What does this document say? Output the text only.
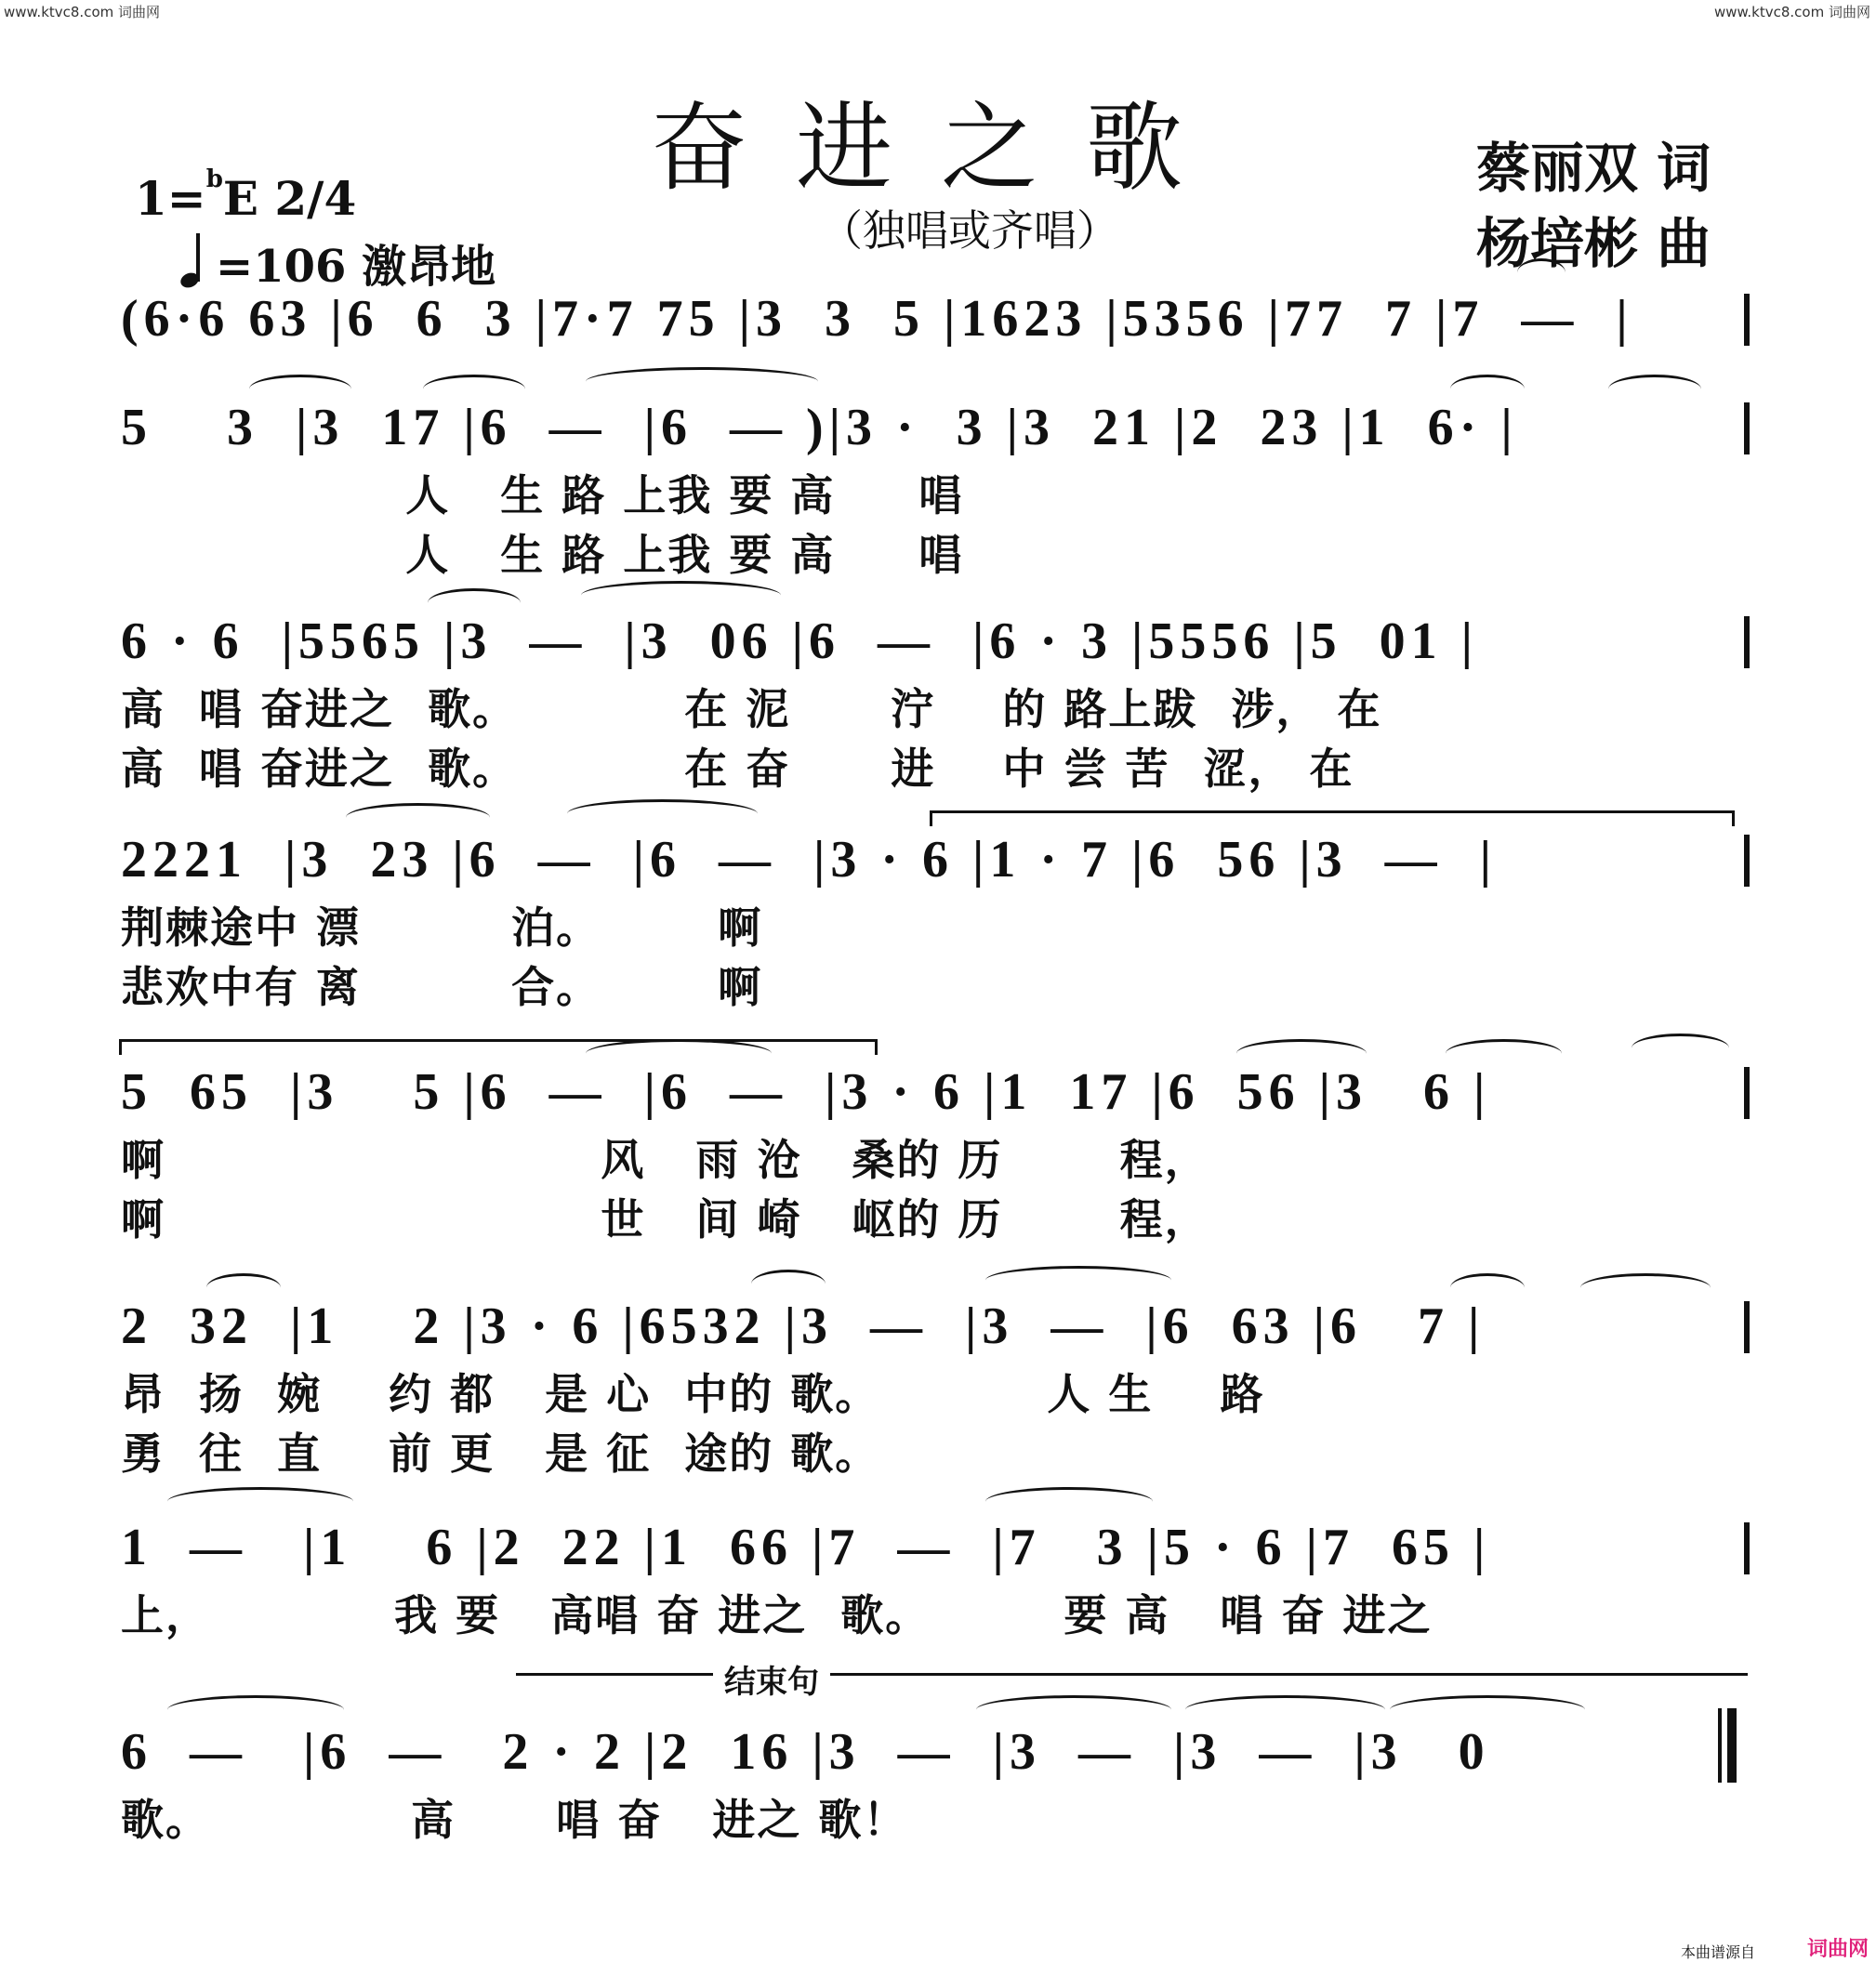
www.ktvc8.com 词曲网	www.ktvc8.com 词曲网
奋进之歌
（独唱或齐唱）
蔡丽双 词
杨培彬 曲
1=$^b$E 2/4
=106 激昂地
(6·6 63 |6  6  3 |7·7 75 |3  3  5 |1623 |5356 |77  7 |7  —  |
5    3  |3  17 |6  —  |6  — )|3 ·  3 |3  21 |2  23 |1  6· |
人   生 路 上我 要 高     唱
人   生 路 上我 要 高     唱
6 · 6  |5565 |3  —  |3  06 |6  —  |6 · 3 |5556 |5  01 |
高  唱 奋进之  歌。          在 泥      泞    的 路上跋  涉， 在
高  唱 奋进之  歌。          在 奋      进    中 尝 苦  涩， 在
2221  |3  23 |6  —  |6  —  |3 · 6 |1 · 7 |6  56 |3  —  |
荆棘途中 漂         泊。       啊
悲欢中有 离         合。       啊
5  65  |3    5 |6  —  |6  —  |3 · 6 |1  17 |6  56 |3   6 |
啊                          风   雨 沧   桑的 历       程，
啊                          世   间 崎   岖的 历       程，
2  32  |1    2 |3 · 6 |6532 |3  —  |3  —  |6  63 |6   7 |
昂  扬  婉    约 都   是 心  中的 歌。          人 生    路
勇  往  直    前 更   是 征  途的 歌。
1  —   |1    6 |2  22 |1  66 |7  —  |7   3 |5 · 6 |7  65 |
上，           我 要   高唱 奋 进之  歌。        要 高   唱 奋 进之
结束句
6  —   |6  —   2 · 2 |2  16 |3  —  |3  —  |3  —  |3   0
歌。            高      唱 奋   进之 歌！
本曲谱源自	词曲网
